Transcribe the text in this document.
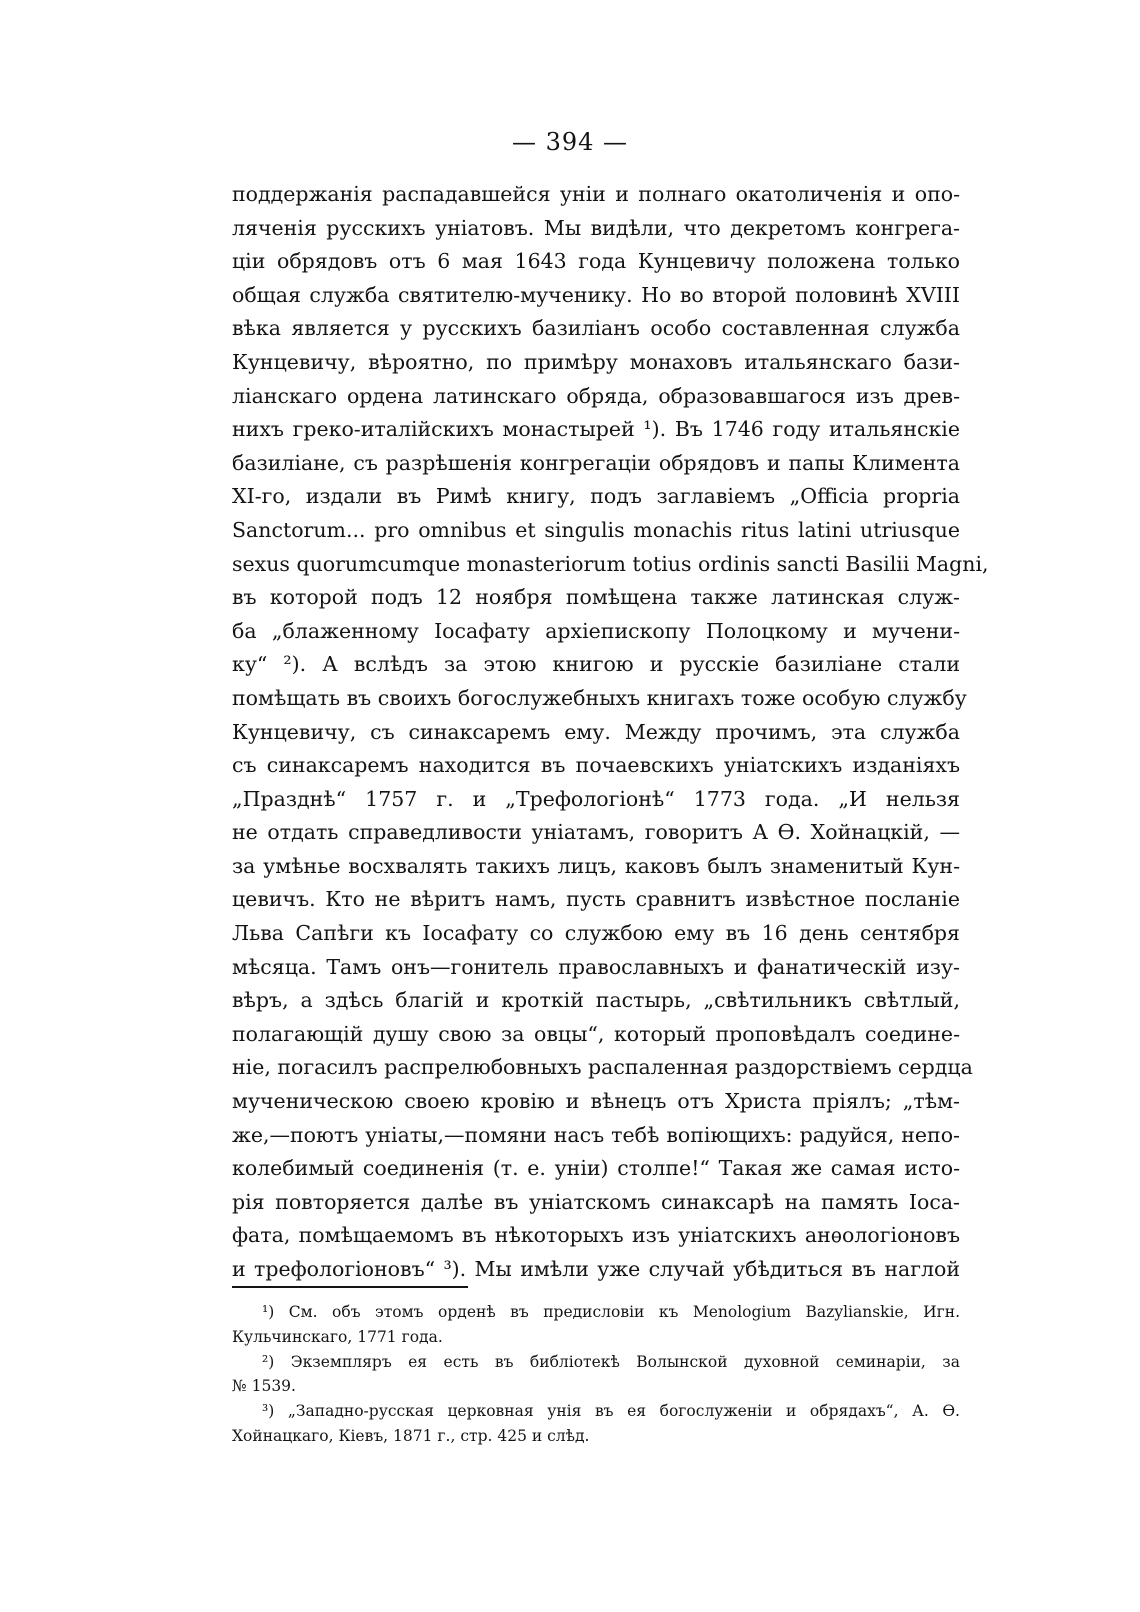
— 394 —
поддержанія распадавшейся уніи и полнаго окатоличенія и опо-
ляченія русскихъ уніатовъ. Мы видѣли, что декретомъ конгрега-
ціи обрядовъ отъ 6 мая 1643 года Кунцевичу положена только
общая служба святителю-мученику. Но во второй половинѣ XVIII
вѣка является у русскихъ базиліанъ особо составленная служба
Кунцевичу, вѣроятно, по примѣру монаховъ итальянскаго бази-
ліанскаго ордена латинскаго обряда, образовавшагося изъ древ-
нихъ греко-италійскихъ монастырей ¹). Въ 1746 году итальянскіе
базиліане, съ разрѣшенія конгрегаціи обрядовъ и папы Климента
XI-го, издали въ Римѣ книгу, подъ заглавіемъ „Officia propria
Sanctorum... pro omnibus et singulis monachis ritus latini utriusque
sexus quorumcumque monasteriorum totius ordinis sancti Basilii Magni,
въ которой подъ 12 ноября помѣщена также латинская служ-
ба „блаженному Іосафату архіепископу Полоцкому и мучени-
ку“ ²). А вслѣдъ за этою книгою и русскіе базиліане стали
помѣщать въ своихъ богослужебныхъ книгахъ тоже особую службу
Кунцевичу, съ синаксаремъ ему. Между прочимъ, эта служба
съ синаксаремъ находится въ почаевскихъ уніатскихъ изданіяхъ
„Празднѣ“ 1757 г. и „Трефологіонѣ“ 1773 года. „И нельзя
не отдать справедливости уніатамъ, говоритъ А Ѳ. Хойнацкій, —
за умѣнье восхвалять такихъ лицъ, каковъ былъ знаменитый Кун-
цевичъ. Кто не вѣритъ намъ, пусть сравнитъ извѣстное посланіе
Льва Сапѣги къ Іосафату со службою ему въ 16 день сентября
мѣсяца. Тамъ онъ—гонитель православныхъ и фанатическій изу-
вѣръ, а здѣсь благій и кроткій пастырь, „свѣтильникъ свѣтлый,
полагающій душу свою за овцы“, который проповѣдалъ соедине-
ніе, погасилъ распрелюбовныхъ распаленная раздорствіемъ сердца
мученическою своею кровію и вѣнецъ отъ Христа пріялъ; „тѣм-
же,—поютъ уніаты,—помяни насъ тебѣ вопіющихъ: радуйся, непо-
колебимый соединенія (т. е. уніи) столпе!“ Такая же самая исто-
рія повторяется далѣе въ уніатскомъ синаксарѣ на память Іоса-
фата, помѣщаемомъ въ нѣкоторыхъ изъ уніатскихъ анѳологіоновъ
и трефологіоновъ“ ³). Мы имѣли уже случай убѣдиться въ наглой
¹) См. объ этомъ орденѣ въ предисловіи къ Menologium Bazylianskie, Игн.
Кульчинскаго, 1771 года.
²) Экземпляръ ея есть въ библіотекѣ Волынской духовной семинаріи, за
№ 1539.
³) „Западно-русская церковная унія въ ея богослуженіи и обрядахъ“, А. Ѳ.
Хойнацкаго, Кіевъ, 1871 г., стр. 425 и слѣд.
